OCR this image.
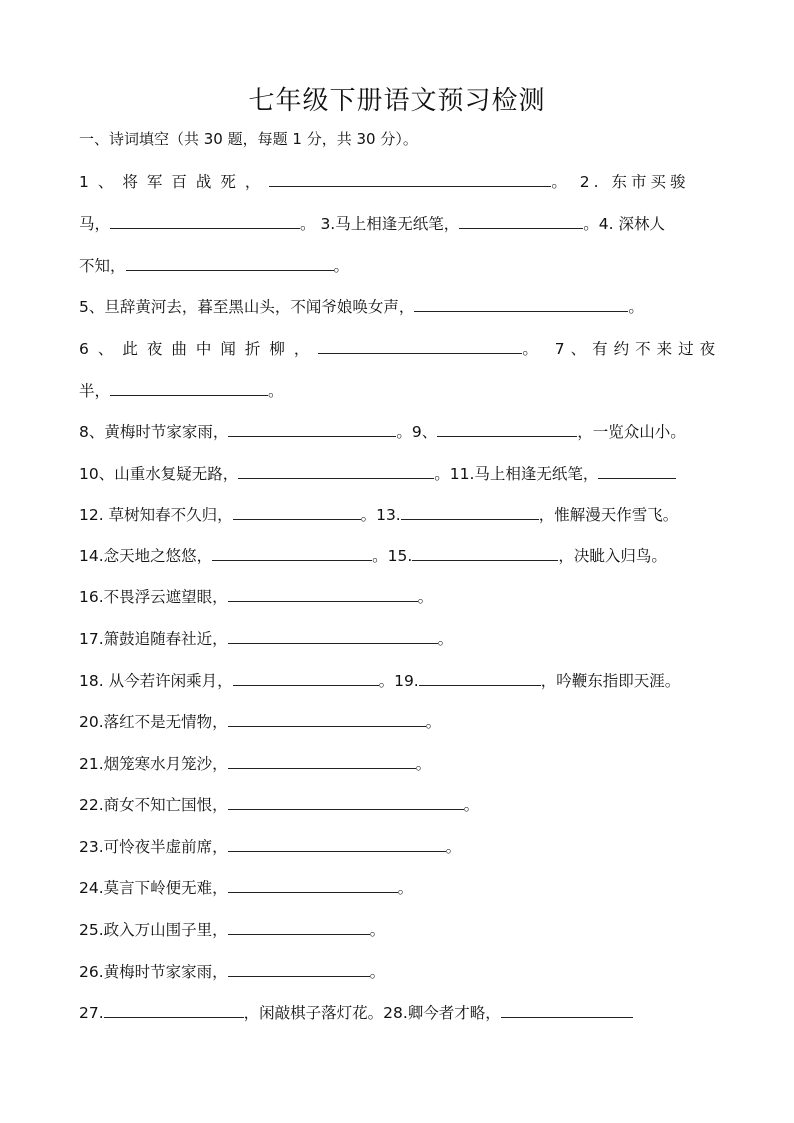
七年级下册语文预习检测
一、诗词填空（共 30 题，每题 1 分，共 30 分）。
1、将军百战死，	。 2. 东市买骏
马，	。 3.马上相逢无纸笔，	。4. 深林人
不知，	。
5、旦辞黄河去，暮至黑山头，不闻爷娘唤女声，	。
6、此夜曲中闻折柳，	。 7、有约不来过夜
半，	。
8、黄梅时节家家雨，	。9、	，一览众山小。
10、山重水复疑无路，	。11.马上相逢无纸笔，
12. 草树知春不久归，	。13.	，惟解漫天作雪飞。
14.念天地之悠悠，	。15.	，决眦入归鸟。
16.不畏浮云遮望眼，	。
17.箫鼓追随春社近，	。
18. 从今若许闲乘月，	。19.	，吟鞭东指即天涯。
20.落红不是无情物，	。
21.烟笼寒水月笼沙，	。
22.商女不知亡国恨，	。
23.可怜夜半虚前席，	。
24.莫言下岭便无难，	。
25.政入万山围子里，	。
26.黄梅时节家家雨，	。
27.	，闲敲棋子落灯花。28.卿今者才略，
